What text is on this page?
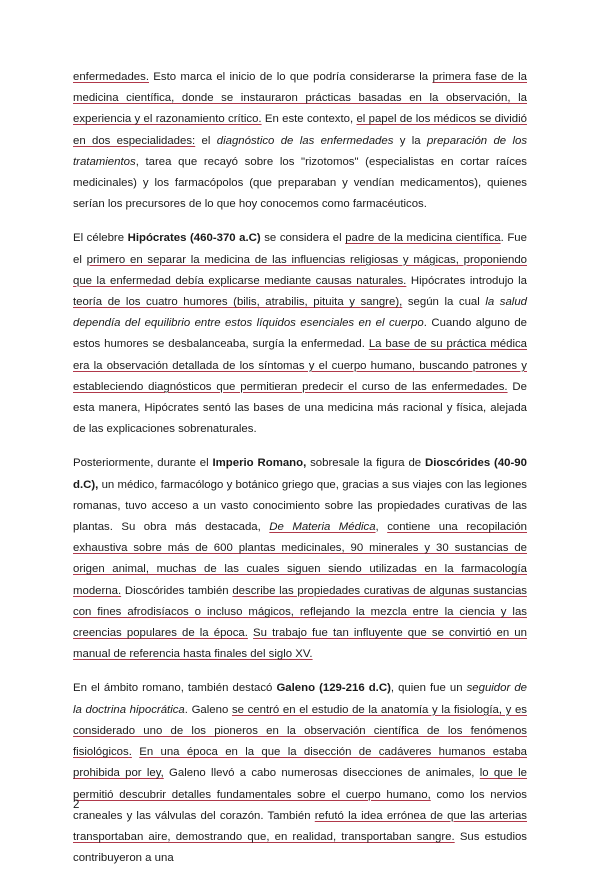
enfermedades. Esto marca el inicio de lo que podría considerarse la primera fase de la medicina científica, donde se instauraron prácticas basadas en la observación, la experiencia y el razonamiento crítico. En este contexto, el papel de los médicos se dividió en dos especialidades: el diagnóstico de las enfermedades y la preparación de los tratamientos, tarea que recayó sobre los "rizotomos" (especialistas en cortar raíces medicinales) y los farmacópolos (que preparaban y vendían medicamentos), quienes serían los precursores de lo que hoy conocemos como farmacéuticos.

El célebre Hipócrates (460-370 a.C) se considera el padre de la medicina científica. Fue el primero en separar la medicina de las influencias religiosas y mágicas, proponiendo que la enfermedad debía explicarse mediante causas naturales. Hipócrates introdujo la teoría de los cuatro humores (bilis, atrabilis, pituita y sangre), según la cual la salud dependía del equilibrio entre estos líquidos esenciales en el cuerpo. Cuando alguno de estos humores se desbalanceaba, surgía la enfermedad. La base de su práctica médica era la observación detallada de los síntomas y el cuerpo humano, buscando patrones y estableciendo diagnósticos que permitieran predecir el curso de las enfermedades. De esta manera, Hipócrates sentó las bases de una medicina más racional y física, alejada de las explicaciones sobrenaturales.

Posteriormente, durante el Imperio Romano, sobresale la figura de Dioscórides (40-90 d.C), un médico, farmacólogo y botánico griego que, gracias a sus viajes con las legiones romanas, tuvo acceso a un vasto conocimiento sobre las propiedades curativas de las plantas. Su obra más destacada, De Materia Médica, contiene una recopilación exhaustiva sobre más de 600 plantas medicinales, 90 minerales y 30 sustancias de origen animal, muchas de las cuales siguen siendo utilizadas en la farmacología moderna. Dioscórides también describe las propiedades curativas de algunas sustancias con fines afrodisíacos o incluso mágicos, reflejando la mezcla entre la ciencia y las creencias populares de la época. Su trabajo fue tan influyente que se convirtió en un manual de referencia hasta finales del siglo XV.

En el ámbito romano, también destacó Galeno (129-216 d.C), quien fue un seguidor de la doctrina hipocrática. Galeno se centró en el estudio de la anatomía y la fisiología, y es considerado uno de los pioneros en la observación científica de los fenómenos fisiológicos. En una época en la que la disección de cadáveres humanos estaba prohibida por ley, Galeno llevó a cabo numerosas disecciones de animales, lo que le permitió descubrir detalles fundamentales sobre el cuerpo humano, como los nervios craneales y las válvulas del corazón. También refutó la idea errónea de que las arterias transportaban aire, demostrando que, en realidad, transportaban sangre. Sus estudios contribuyeron a una

2
